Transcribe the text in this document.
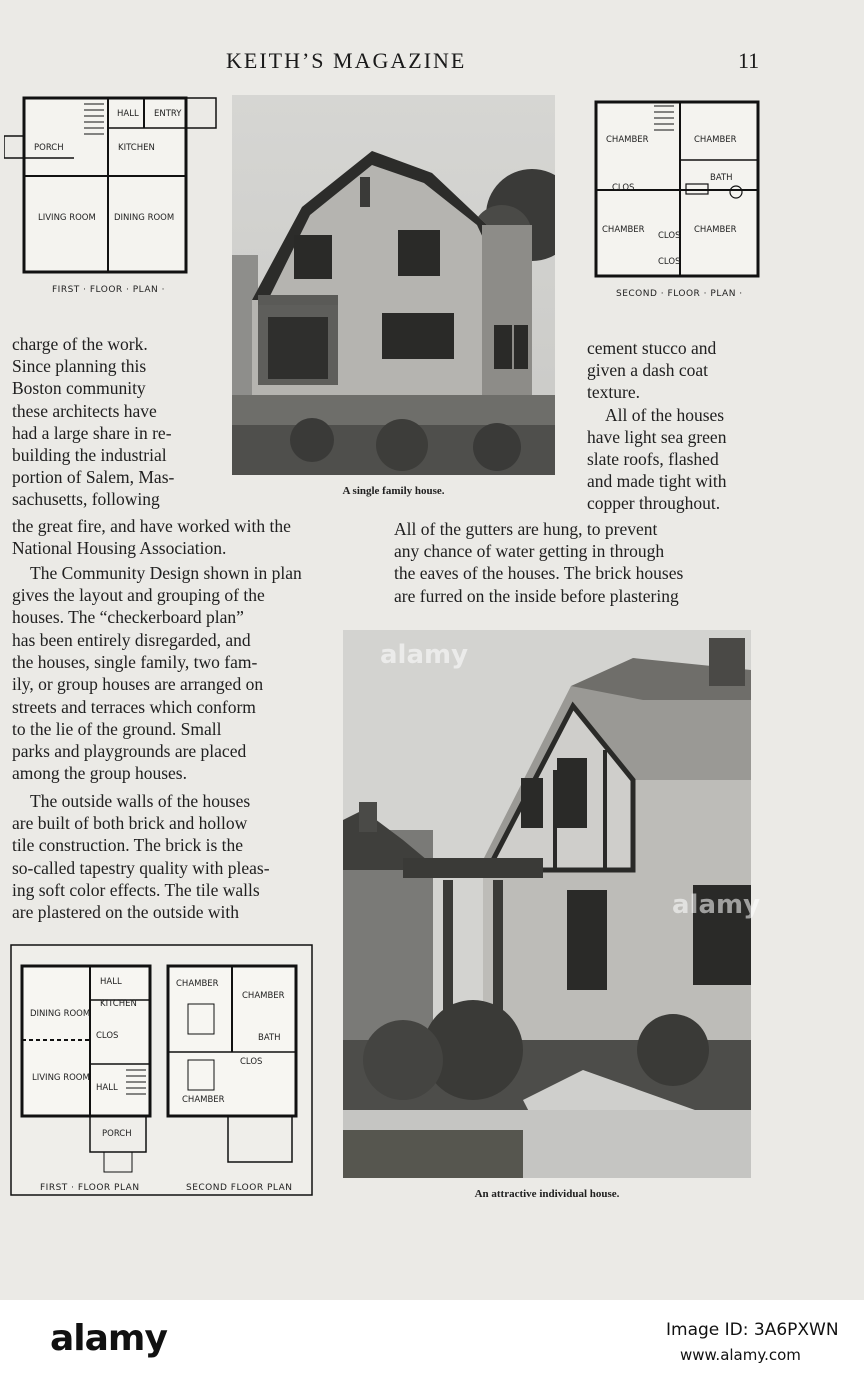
KEITH’S MAGAZINE	11
HALL ENTRY
PORCH	KITCHEN
LIVING ROOM DINING ROOM
FIRST · FLOOR · PLAN ·
A single family house.
CHAMBER	CHAMBER
BATH
CLOS
CHAMBER	CHAMBER
CLOS
CLOS
SECOND · FLOOR · PLAN ·
charge of the work.
Since planning this
Boston community
these architects have
had a large share in re-
building the industrial
portion of Salem, Mas-
sachusetts, following
cement stucco and
given a dash coat
texture.
All of the houses
have light sea green
slate roofs, flashed
and made tight with
copper throughout.
the great fire, and have worked with the
National Housing Association.
All of the gutters are hung, to prevent
any chance of water getting in through
the eaves of the houses. The brick houses
are furred on the inside before plastering
The Community Design shown in plan
gives the layout and grouping of the
houses. The “checkerboard plan”
has been entirely disregarded, and
the houses, single family, two fam-
ily, or group houses are arranged on
streets and terraces which conform
to the lie of the ground. Small
parks and playgrounds are placed
among the group houses.
The outside walls of the houses
are built of both brick and hollow
tile construction. The brick is the
so-called tapestry quality with pleas-
ing soft color effects. The tile walls
are plastered on the outside with
An attractive individual house.
HALL
DINING ROOM
KITCHEN
CLOS
LIVING ROOM
HALL
PORCH
FIRST · FLOOR PLAN
CHAMBER
CHAMBER
BATH
CLOS
CHAMBER
SECOND FLOOR PLAN
alamy
alamy
alamy	Image ID: 3A6PXWN
www.alamy.com
